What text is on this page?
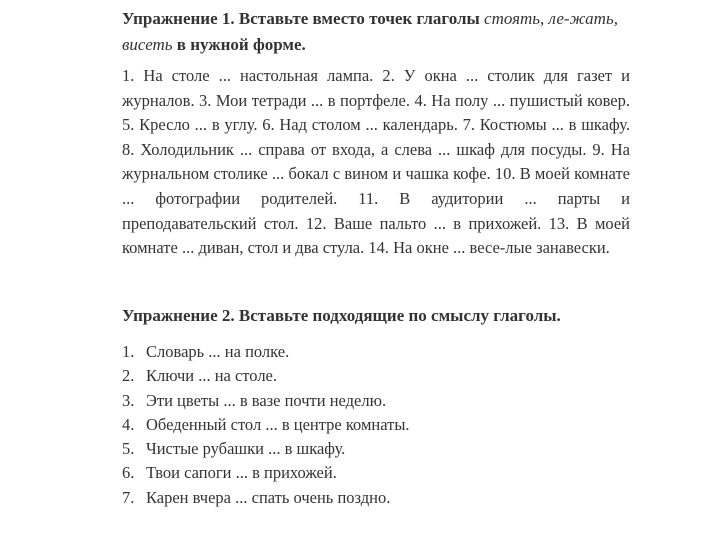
Упражнение 1. Вставьте вместо точек глаголы стоять, ле-жать, висеть в нужной форме.
1. На столе ... настольная лампа. 2. У окна ... столик для газет и журналов. 3. Мои тетради ... в портфеле. 4. На полу ... пушистый ковер. 5. Кресло ... в углу. 6. Над столом ... календарь. 7. Костюмы ... в шкафу. 8. Холодильник ... справа от входа, а слева ... шкаф для посуды. 9. На журнальном столике ... бокал с вином и чашка кофе. 10. В моей комнате ... фотографии родителей. 11. В аудитории ... парты и преподавательский стол. 12. Ваше пальто ... в прихожей. 13. В моей комнате ... диван, стол и два стула. 14. На окне ... весе-лые занавески.
Упражнение 2. Вставьте подходящие по смыслу глаголы.
1. Словарь ... на полке.
2. Ключи ... на столе.
3. Эти цветы ... в вазе почти неделю.
4. Обеденный стол ... в центре комнаты.
5. Чистые рубашки ... в шкафу.
6. Твои сапоги ... в прихожей.
7. Карен вчера ... спать очень поздно.
